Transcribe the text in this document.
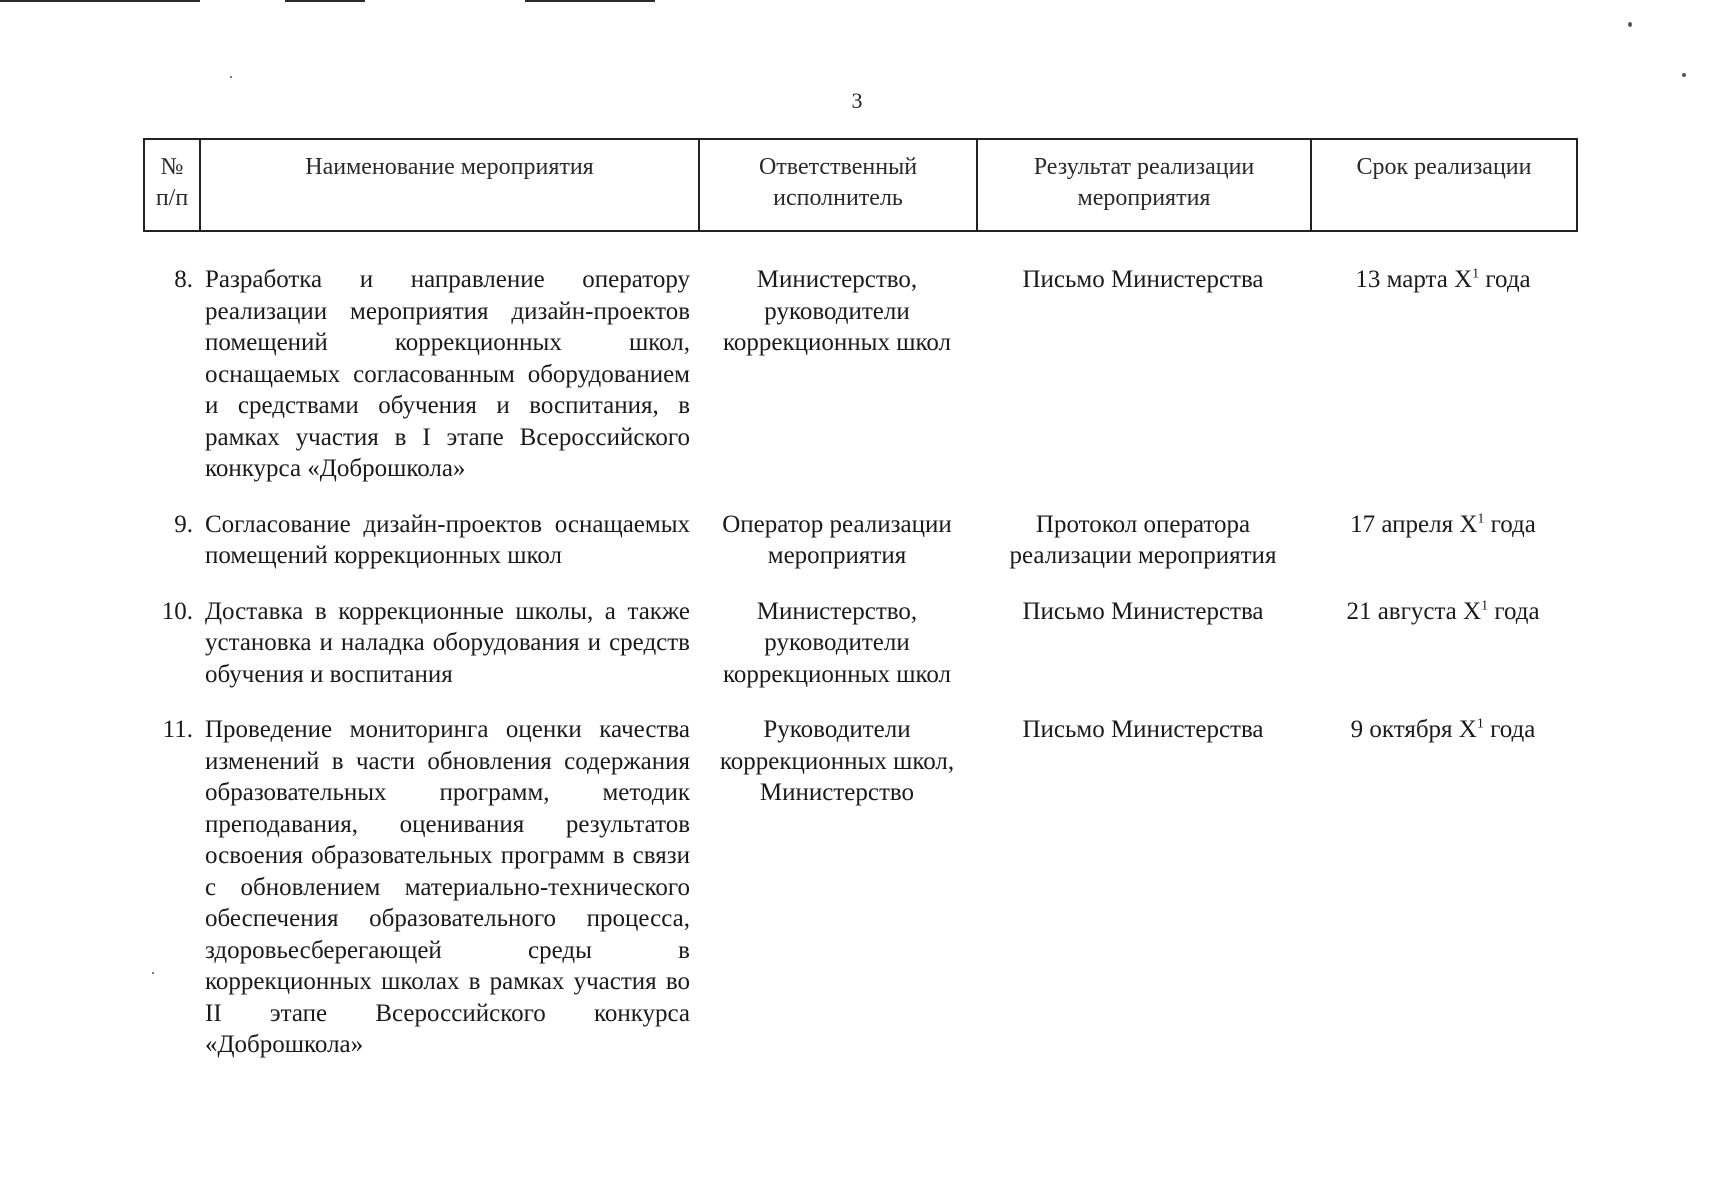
3
№ п/п	Наименование мероприятия	Ответственный исполнитель	Результат реализации мероприятия	Срок реализации
8.	Разработка и направление оператору реализации мероприятия дизайн-проектов помещений коррекционных школ, оснащаемых согласованным оборудованием и средствами обучения и воспитания, в рамках участия в I этапе Всероссийского конкурса «Доброшкола»	Министерство, руководители коррекционных школ	Письмо Министерства	13 марта $X^1$ года
9.	Согласование дизайн-проектов оснащаемых помещений коррекционных школ	Оператор реализации мероприятия	Протокол оператора реализации мероприятия	17 апреля $X^1$ года
10.	Доставка в коррекционные школы, а также установка и наладка оборудования и средств обучения и воспитания	Министерство, руководители коррекционных школ	Письмо Министерства	21 августа $X^1$ года
11.	Проведение мониторинга оценки качества изменений в части обновления содержания образовательных программ, методик преподавания, оценивания результатов освоения образовательных программ в связи с обновлением материально-технического обеспечения образовательного процесса, здоровьесберегающей среды в коррекционных школах в рамках участия во II этапе Всероссийского конкурса «Доброшкола»	Руководители коррекционных школ, Министерство	Письмо Министерства	9 октября $X^1$ года
